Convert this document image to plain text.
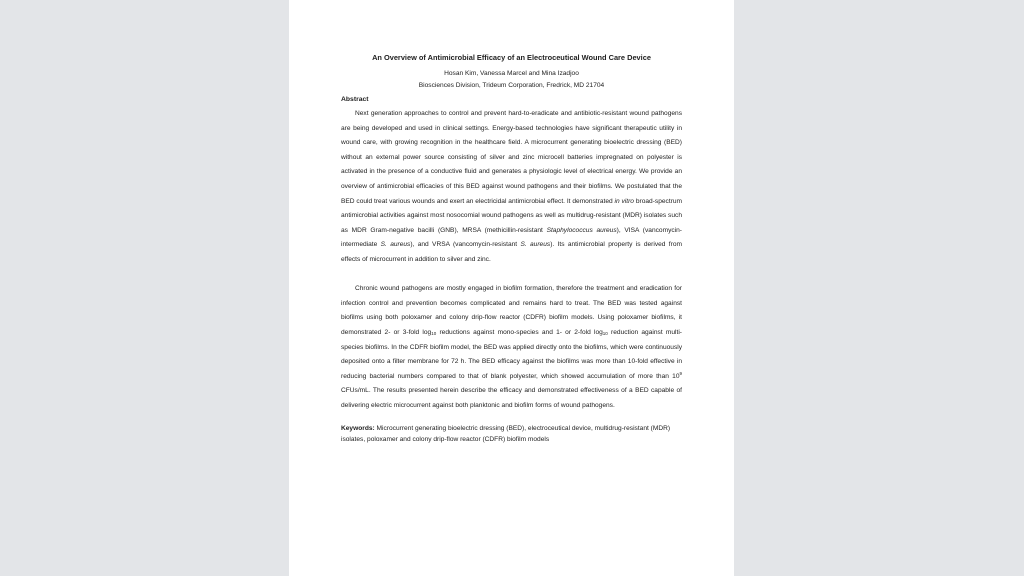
An Overview of Antimicrobial Efficacy of an Electroceutical Wound Care Device
Hosan Kim, Vanessa Marcel and Mina Izadjoo
Biosciences Division, Trideum Corporation, Fredrick, MD 21704
Abstract

Next generation approaches to control and prevent hard-to-eradicate and antibiotic-resistant wound pathogens are being developed and used in clinical settings. Energy-based technologies have significant therapeutic utility in wound care, with growing recognition in the healthcare field. A microcurrent generating bioelectric dressing (BED) without an external power source consisting of silver and zinc microcell batteries impregnated on polyester is activated in the presence of a conductive fluid and generates a physiologic level of electrical energy. We provide an overview of antimicrobial efficacies of this BED against wound pathogens and their biofilms. We postulated that the BED could treat various wounds and exert an electricidal antimicrobial effect. It demonstrated in vitro broad-spectrum antimicrobial activities against most nosocomial wound pathogens as well as multidrug-resistant (MDR) isolates such as MDR Gram-negative bacilli (GNB), MRSA (methicillin-resistant Staphylococcus aureus), VISA (vancomycin-intermediate S. aureus), and VRSA (vancomycin-resistant S. aureus). Its antimicrobial property is derived from effects of microcurrent in addition to silver and zinc.

Chronic wound pathogens are mostly engaged in biofilm formation, therefore the treatment and eradication for infection control and prevention becomes complicated and remains hard to treat. The BED was tested against biofilms using both poloxamer and colony drip-flow reactor (CDFR) biofilm models. Using poloxamer biofilms, it demonstrated 2- or 3-fold $\log_{10}$ reductions against mono-species and 1- or 2-fold $\log_{10}$ reduction against multi-species biofilms. In the CDFR biofilm model, the BED was applied directly onto the biofilms, which were continuously deposited onto a filter membrane for 72 h. The BED efficacy against the biofilms was more than 10-fold effective in reducing bacterial numbers compared to that of blank polyester, which showed accumulation of more than $10^9$ CFUs/mL. The results presented herein describe the efficacy and demonstrated effectiveness of a BED capable of delivering electric microcurrent against both planktonic and biofilm forms of wound pathogens.

Keywords: Microcurrent generating bioelectric dressing (BED), electroceutical device, multidrug-resistant (MDR) isolates, poloxamer and colony drip-flow reactor (CDFR) biofilm models
